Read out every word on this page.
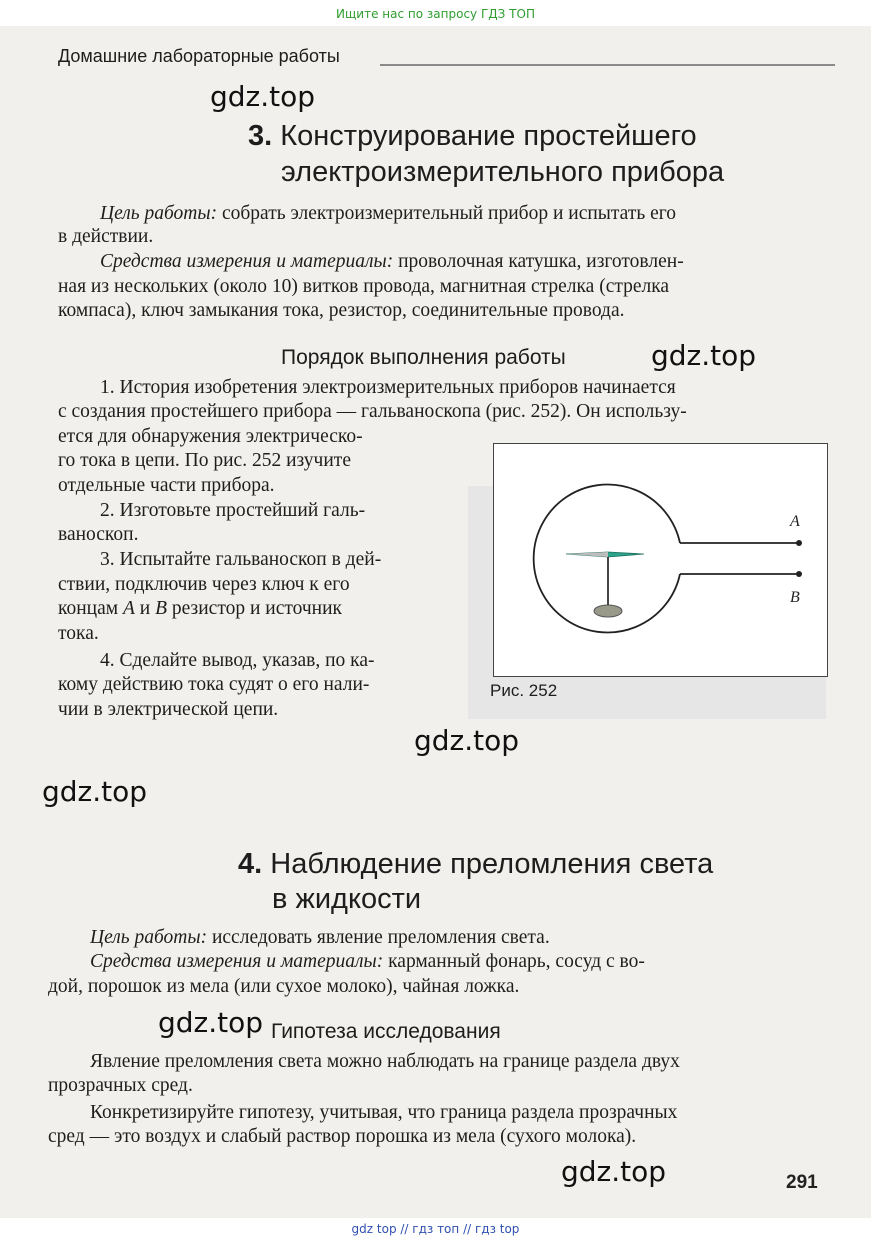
Ищите нас по запросу ГДЗ ТОП
Домашние лабораторные работы
gdz.top
gdz.top
gdz.top
gdz.top
gdz.top
gdz.top
3. Конструирование простейшего
электроизмерительного прибора
Цель работы: собрать электроизмерительный прибор и испытать его
в действии.
Средства измерения и материалы: проволочная катушка, изготовлен-
ная из нескольких (около 10) витков провода, магнитная стрелка (стрелка
компаса), ключ замыкания тока, резистор, соединительные провода.
Порядок выполнения работы
1. История изобретения электроизмерительных приборов начинается
с создания простейшего прибора — гальваноскопа (рис. 252). Он использу-
ется для обнаружения электрическо-
го тока в цепи. По рис. 252 изучите
отдельные части прибора.
2. Изготовьте простейший галь-
ваноскоп.
3. Испытайте гальваноскоп в дей-
ствии, подключив через ключ к его
концам A и B резистор и источник
тока.
4. Сделайте вывод, указав, по ка-
кому действию тока судят о его нали-
чии в электрической цепи.
A
B
Рис. 252
4. Наблюдение преломления света
в жидкости
Цель работы: исследовать явление преломления света.
Средства измерения и материалы: карманный фонарь, сосуд с во-
дой, порошок из мела (или сухое молоко), чайная ложка.
Гипотеза исследования
Явление преломления света можно наблюдать на границе раздела двух
прозрачных сред.
Конкретизируйте гипотезу, учитывая, что граница раздела прозрачных
сред — это воздух и слабый раствор порошка из мела (сухого молока).
291
gdz top // гдз топ // гдз top
